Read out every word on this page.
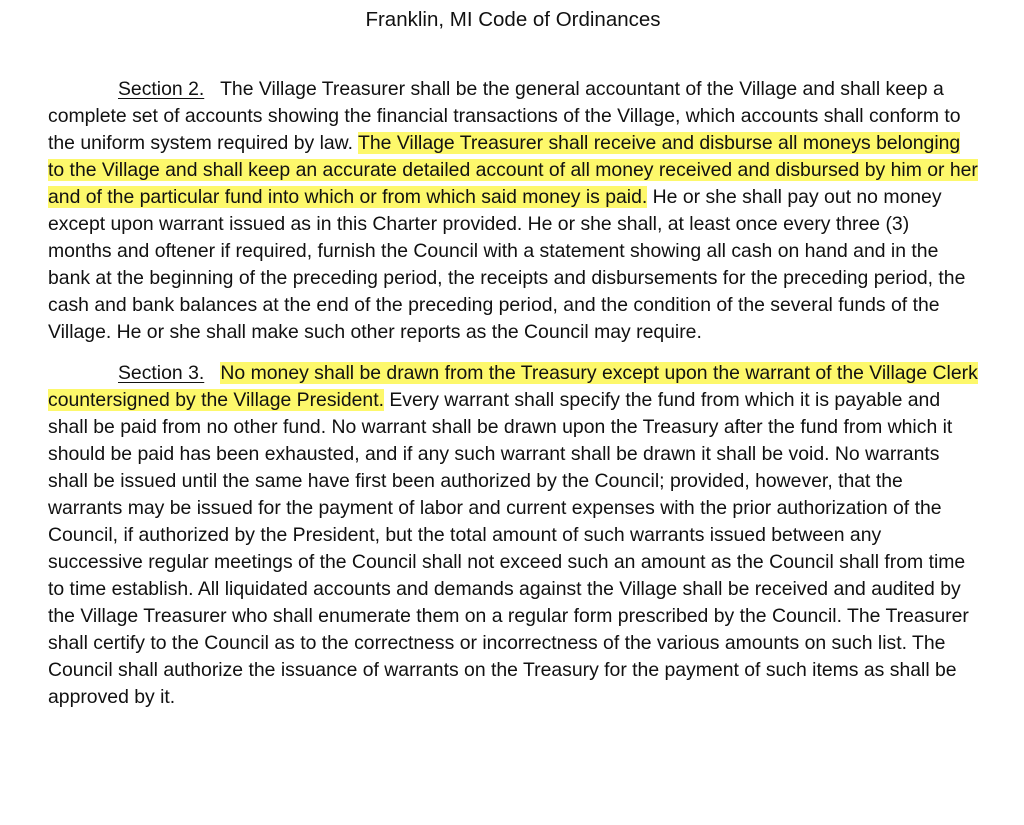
Franklin, MI Code of Ordinances

Section 2. The Village Treasurer shall be the general accountant of the Village and shall keep a complete set of accounts showing the financial transactions of the Village, which accounts shall conform to the uniform system required by law. The Village Treasurer shall receive and disburse all moneys belonging to the Village and shall keep an accurate detailed account of all money received and disbursed by him or her and of the particular fund into which or from which said money is paid. He or she shall pay out no money except upon warrant issued as in this Charter provided. He or she shall, at least once every three (3) months and oftener if required, furnish the Council with a statement showing all cash on hand and in the bank at the beginning of the preceding period, the receipts and disbursements for the preceding period, the cash and bank balances at the end of the preceding period, and the condition of the several funds of the Village. He or she shall make such other reports as the Council may require.

Section 3. No money shall be drawn from the Treasury except upon the warrant of the Village Clerk countersigned by the Village President. Every warrant shall specify the fund from which it is payable and shall be paid from no other fund. No warrant shall be drawn upon the Treasury after the fund from which it should be paid has been exhausted, and if any such warrant shall be drawn it shall be void. No warrants shall be issued until the same have first been authorized by the Council; provided, however, that the warrants may be issued for the payment of labor and current expenses with the prior authorization of the Council, if authorized by the President, but the total amount of such warrants issued between any successive regular meetings of the Council shall not exceed such an amount as the Council shall from time to time establish. All liquidated accounts and demands against the Village shall be received and audited by the Village Treasurer who shall enumerate them on a regular form prescribed by the Council. The Treasurer shall certify to the Council as to the correctness or incorrectness of the various amounts on such list. The Council shall authorize the issuance of warrants on the Treasury for the payment of such items as shall be approved by it.
